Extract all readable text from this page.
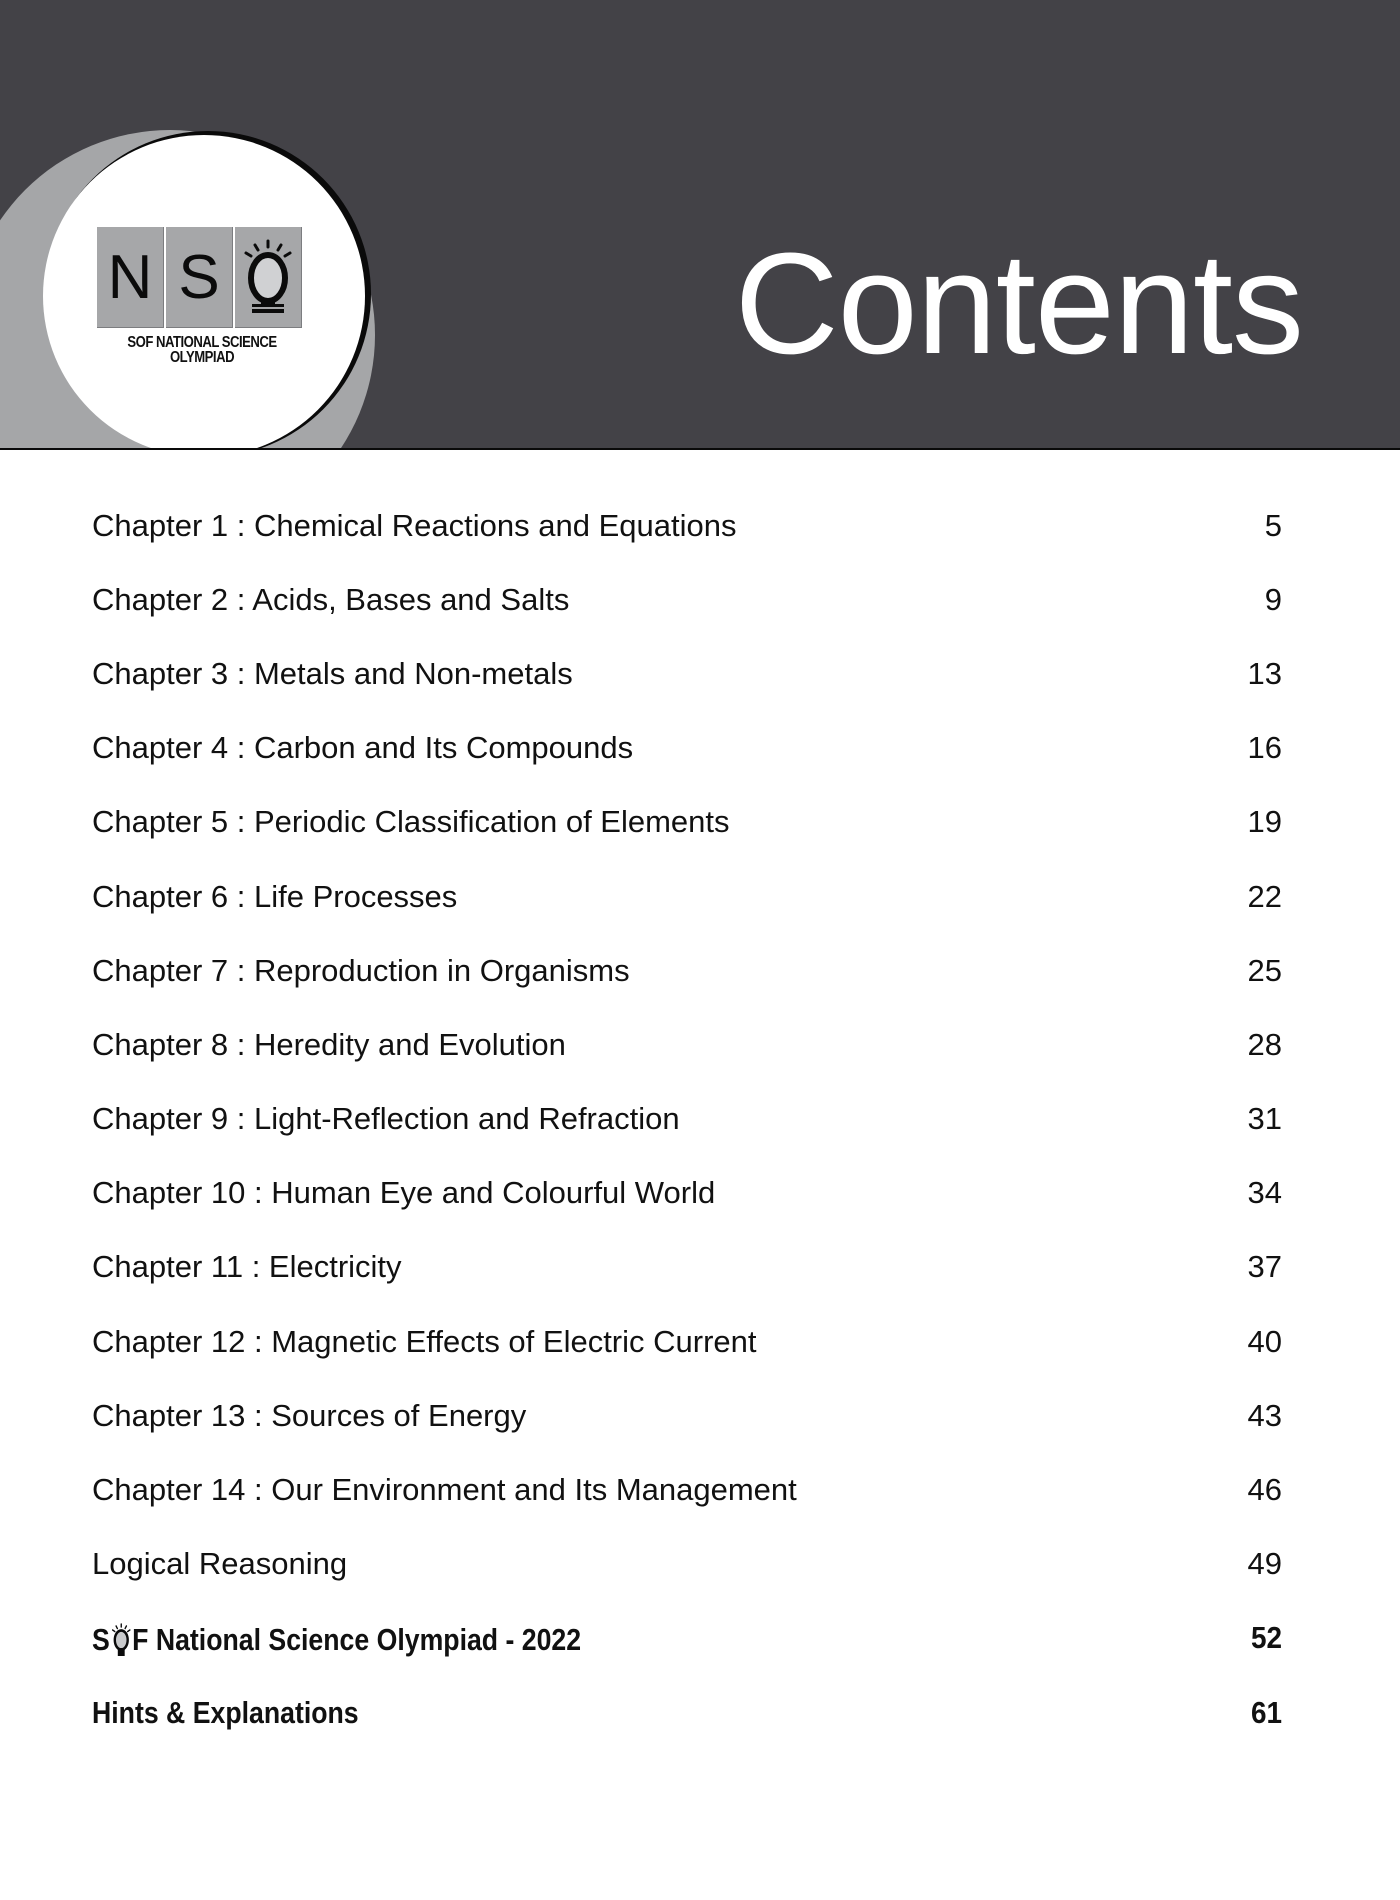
N S
SOF NATIONAL SCIENCE
OLYMPIAD	Contents
Chapter 1 : Chemical Reactions and Equations	5
Chapter 2 : Acids, Bases and Salts	9
Chapter 3 : Metals and Non-metals	13
Chapter 4 : Carbon and Its Compounds	16
Chapter 5 : Periodic Classification of Elements	19
Chapter 6 : Life Processes	22
Chapter 7 : Reproduction in Organisms	25
Chapter 8 : Heredity and Evolution	28
Chapter 9 : Light-Reflection and Refraction	31
Chapter 10 : Human Eye and Colourful World	34
Chapter 11 : Electricity	37
Chapter 12 : Magnetic Effects of Electric Current	40
Chapter 13 : Sources of Energy	43
Chapter 14 : Our Environment and Its Management	46
Logical Reasoning	49
S F National Science Olympiad - 2022	52
Hints & Explanations	61
